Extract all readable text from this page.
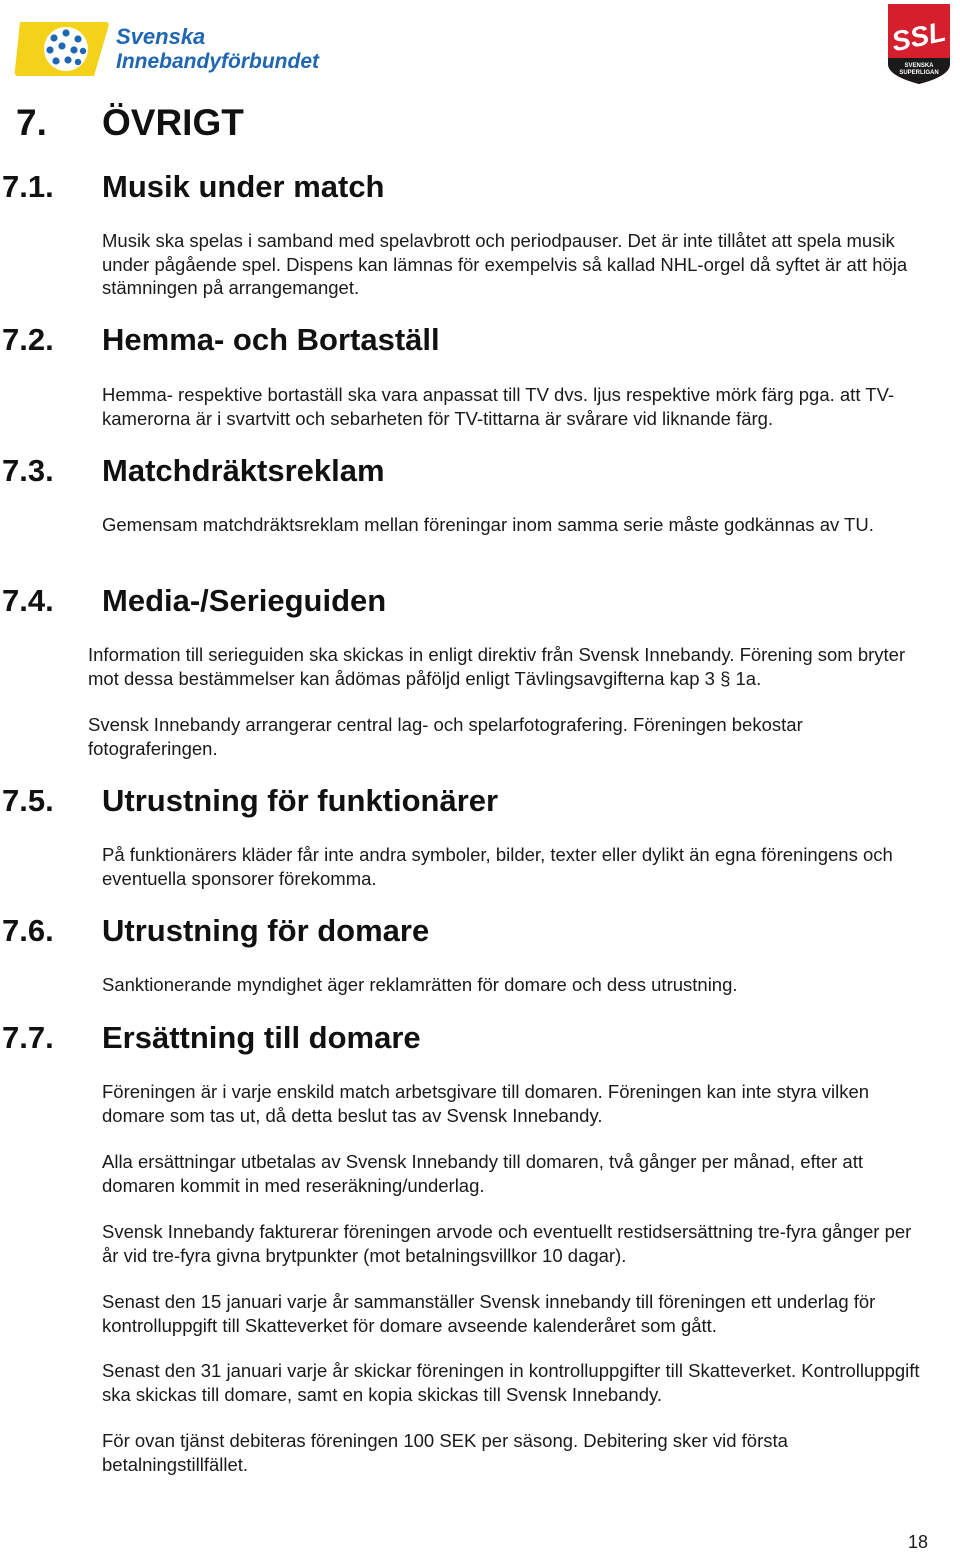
Svenska
Innebandyförbundet
SSL
SVENSKA
SUPERLIGAN
7. ÖVRIGT
7.1. Musik under match

Musik ska spelas i samband med spelavbrott och periodpauser. Det är inte tillåtet att spela musik under pågående spel. Dispens kan lämnas för exempelvis så kallad NHL-orgel då syftet är att höja stämningen på arrangemanget.

7.2. Hemma- och Bortaställ

Hemma- respektive bortaställ ska vara anpassat till TV dvs. ljus respektive mörk färg pga. att TV-kamerorna är i svartvitt och sebarheten för TV-tittarna är svårare vid liknande färg.

7.3. Matchdräktsreklam

Gemensam matchdräktsreklam mellan föreningar inom samma serie måste godkännas av TU.

7.4. Media-/Serieguiden

Information till serieguiden ska skickas in enligt direktiv från Svensk Innebandy. Förening som bryter mot dessa bestämmelser kan ådömas påföljd enligt Tävlingsavgifterna kap 3 § 1a.

Svensk Innebandy arrangerar central lag- och spelarfotografering. Föreningen bekostar fotograferingen.

7.5. Utrustning för funktionärer

På funktionärers kläder får inte andra symboler, bilder, texter eller dylikt än egna föreningens och eventuella sponsorer förekomma.

7.6. Utrustning för domare

Sanktionerande myndighet äger reklamrätten för domare och dess utrustning.

7.7. Ersättning till domare

Föreningen är i varje enskild match arbetsgivare till domaren. Föreningen kan inte styra vilken domare som tas ut, då detta beslut tas av Svensk Innebandy.

Alla ersättningar utbetalas av Svensk Innebandy till domaren, två gånger per månad, efter att domaren kommit in med reseräkning/underlag.

Svensk Innebandy fakturerar föreningen arvode och eventuellt restidsersättning tre-fyra gånger per år vid tre-fyra givna brytpunkter (mot betalningsvillkor 10 dagar).

Senast den 15 januari varje år sammanställer Svensk innebandy till föreningen ett underlag för kontrolluppgift till Skatteverket för domare avseende kalenderåret som gått.

Senast den 31 januari varje år skickar föreningen in kontrolluppgifter till Skatteverket. Kontrolluppgift ska skickas till domare, samt en kopia skickas till Svensk Innebandy.

För ovan tjänst debiteras föreningen 100 SEK per säsong. Debitering sker vid första betalningstillfället.

18
